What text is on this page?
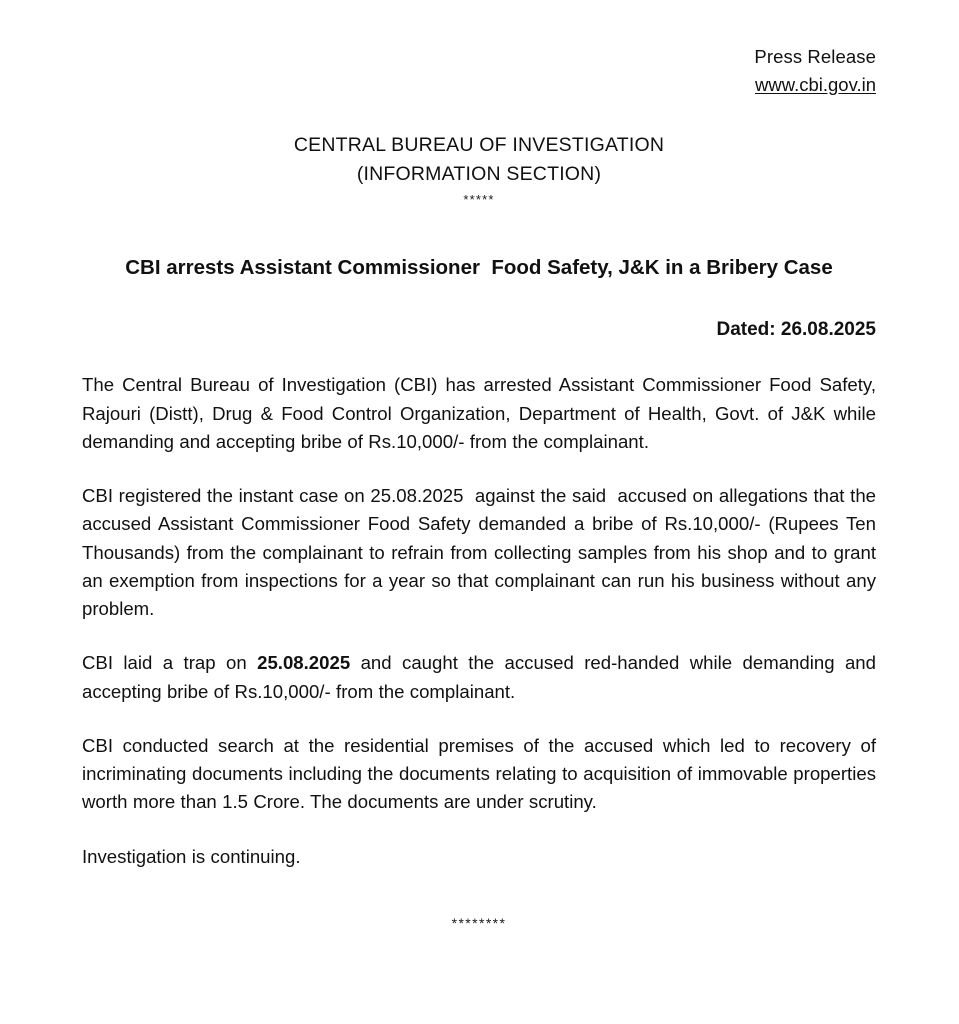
Press Release
www.cbi.gov.in
CENTRAL BUREAU OF INVESTIGATION
(INFORMATION SECTION)
*****
CBI arrests Assistant Commissioner  Food Safety, J&K in a Bribery Case
Dated: 26.08.2025

The Central Bureau of Investigation (CBI) has arrested Assistant Commissioner Food Safety, Rajouri (Distt), Drug & Food Control Organization, Department of Health, Govt. of J&K while demanding and accepting bribe of Rs.10,000/- from the complainant.

CBI registered the instant case on 25.08.2025  against the said  accused on allegations that the accused Assistant Commissioner Food Safety demanded a bribe of Rs.10,000/- (Rupees Ten Thousands) from the complainant to refrain from collecting samples from his shop and to grant an exemption from inspections for a year so that complainant can run his business without any problem.

CBI laid a trap on 25.08.2025 and caught the accused red-handed while demanding and accepting bribe of Rs.10,000/- from the complainant.

CBI conducted search at the residential premises of the accused which led to recovery of incriminating documents including the documents relating to acquisition of immovable properties worth more than 1.5 Crore. The documents are under scrutiny.

Investigation is continuing.

********
